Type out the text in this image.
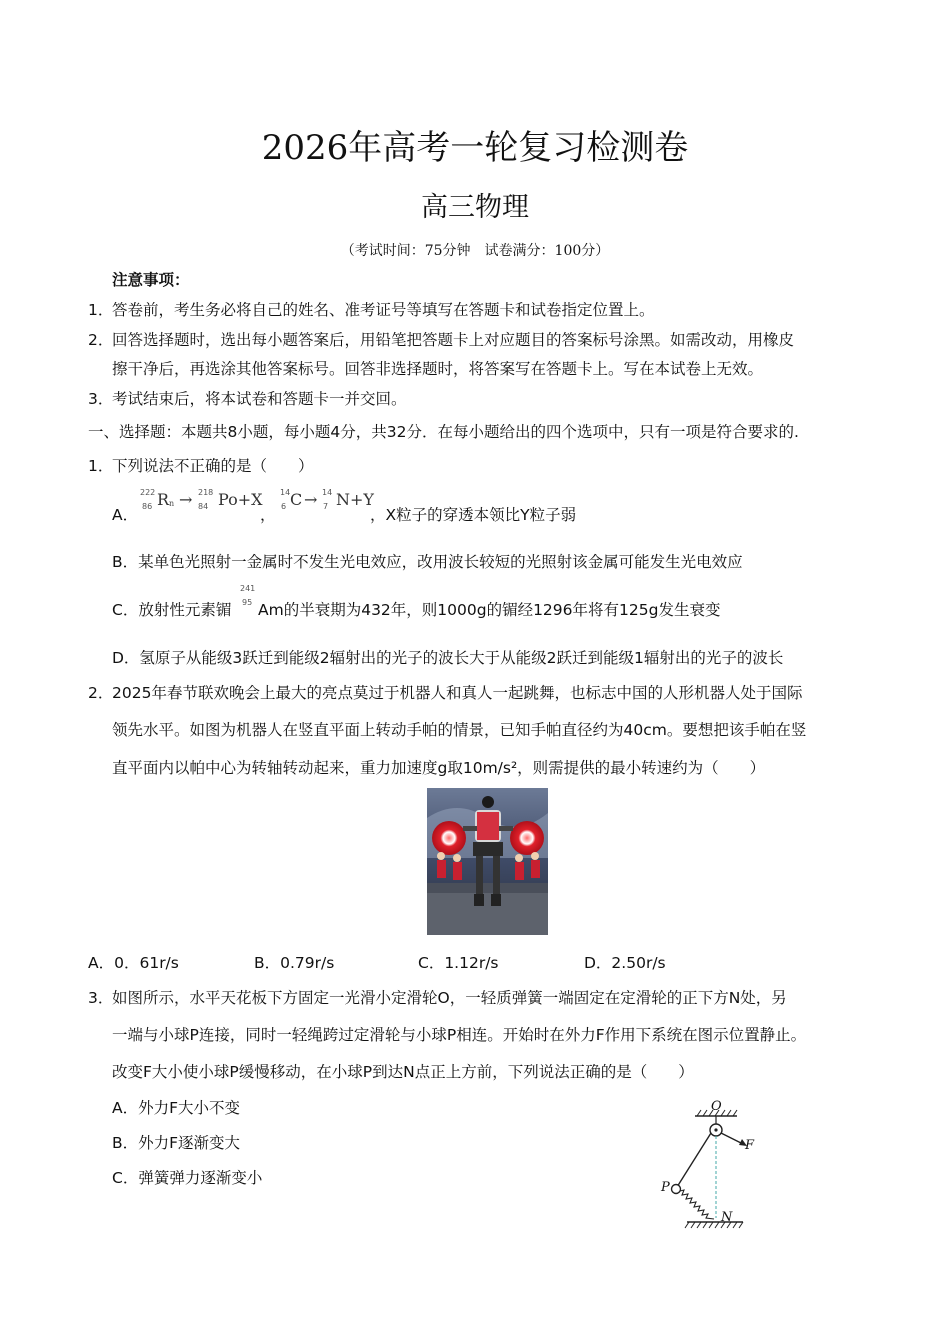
2026年高考一轮复习检测卷
高三物理
（考试时间：75分钟　试卷满分：100分）
注意事项：
1．
答卷前，考生务必将自己的姓名、准考证号等填写在答题卡和试卷指定位置上。
2．
回答选择题时，选出每小题答案后，用铅笔把答题卡上对应题目的答案标号涂黑。如需改动，用橡皮
擦干净后，再选涂其他答案标号。回答非选择题时，将答案写在答题卡上。写在本试卷上无效。
3．
考试结束后，将本试卷和答题卡一并交回。
一、选择题：本题共8小题，每小题4分，共32分．在每小题给出的四个选项中，只有一项是符合要求的.
1．
下列说法不正确的是（　　）
A．
222
86 R n → 218
84 Po+X
，
14
6 C → 14
7 N+Y
，X粒子的穿透本领比Y粒子弱
B．某单色光照射一金属时不发生光电效应，改用波长较短的光照射该金属可能发生光电效应
C．放射性元素镅
241
95 Am的半衰期为432年，则1000g的镅经1296年将有125g发生衰变
D．氢原子从能级3跃迁到能级2辐射出的光子的波长大于从能级2跃迁到能级1辐射出的光子的波长
2．
2025年春节联欢晚会上最大的亮点莫过于机器人和真人一起跳舞，也标志中国的人形机器人处于国际
领先水平。如图为机器人在竖直平面上转动手帕的情景，已知手帕直径约为40cm。要想把该手帕在竖
直平面内以帕中心为转轴转动起来，重力加速度g取10m/s²，则需提供的最小转速约为（　　）
A．0．61r/s	B．0.79r/s	C．1.12r/s	D．2.50r/s
3．
如图所示，水平天花板下方固定一光滑小定滑轮O，一轻质弹簧一端固定在定滑轮的正下方N处，另
一端与小球P连接，同时一轻绳跨过定滑轮与小球P相连。开始时在外力F作用下系统在图示位置静止。
改变F大小使小球P缓慢移动，在小球P到达N点正上方前，下列说法正确的是（　　）
A．外力F大小不变
B．外力F逐渐变大
C．弹簧弹力逐渐变小
O
F
P
N
